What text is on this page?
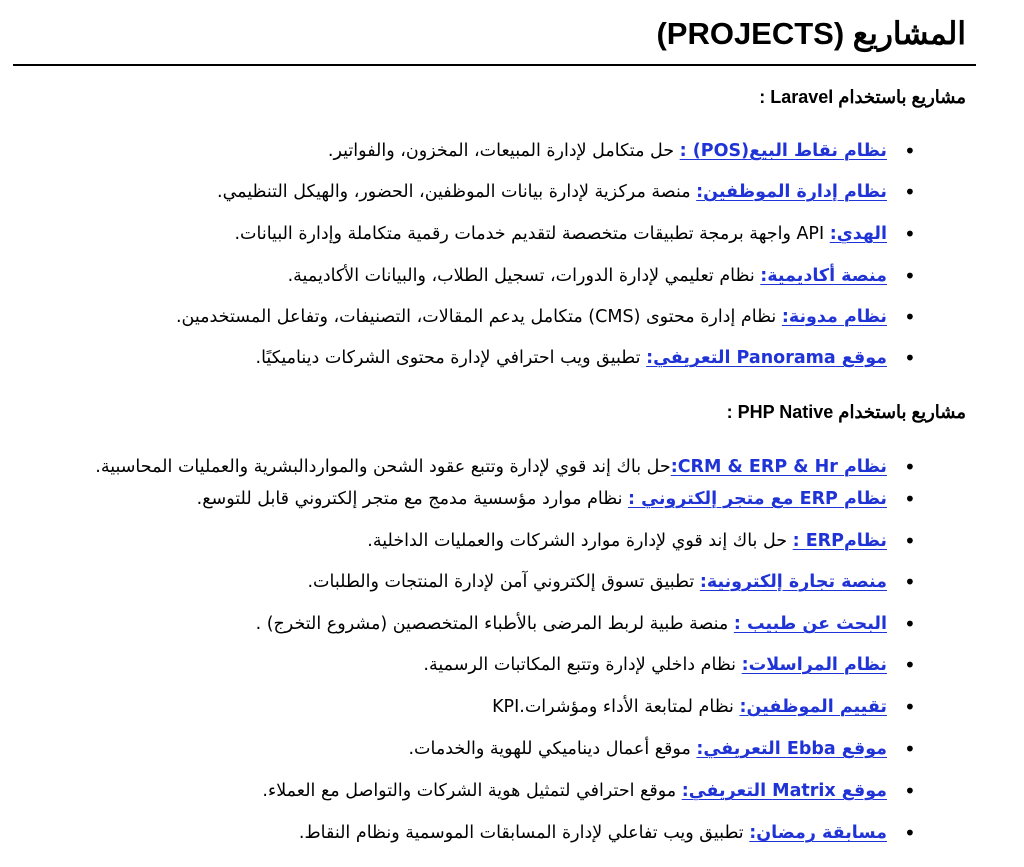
المشاريع (PROJECTS)
مشاريع باستخدام Laravel :
•
نظام نقاط البيع(POS) : حل متكامل لإدارة المبيعات، المخزون، والفواتير.
•
نظام إدارة الموظفين: منصة مركزية لإدارة بيانات الموظفين، الحضور، والهيكل التنظيمي.
•
الهدي: API واجهة برمجة تطبيقات متخصصة لتقديم خدمات رقمية متكاملة وإدارة البيانات.
•
منصة أكاديمية: نظام تعليمي لإدارة الدورات، تسجيل الطلاب، والبيانات الأكاديمية.
•
نظام مدونة: نظام إدارة محتوى (CMS) متكامل يدعم المقالات، التصنيفات، وتفاعل المستخدمين.
•
موقع Panorama التعريفي: تطبيق ويب احترافي لإدارة محتوى الشركات ديناميكيًا.
مشاريع باستخدام PHP Native :
•
نظام CRM & ERP & Hr:حل باك إند قوي لإدارة وتتبع عقود الشحن والمواردالبشرية والعمليات المحاسبية.
•
نظام ERP مع متجر إلكتروني : نظام موارد مؤسسية مدمج مع متجر إلكتروني قابل للتوسع.
•
نظامERP : حل باك إند قوي لإدارة موارد الشركات والعمليات الداخلية.
•
منصة تجارة إلكترونية: تطبيق تسوق إلكتروني آمن لإدارة المنتجات والطلبات.
•
البحث عن طبيب : منصة طبية لربط المرضى بالأطباء المتخصصين (مشروع التخرج) .
•
نظام المراسلات: نظام داخلي لإدارة وتتبع المكاتبات الرسمية.
•
تقييم الموظفين: نظام لمتابعة الأداء ومؤشرات.KPI
•
موقع Ebba التعريفي: موقع أعمال ديناميكي للهوية والخدمات.
•
موقع Matrix التعريفي: موقع احترافي لتمثيل هوية الشركات والتواصل مع العملاء.
•
مسابقة رمضان: تطبيق ويب تفاعلي لإدارة المسابقات الموسمية ونظام النقاط.
